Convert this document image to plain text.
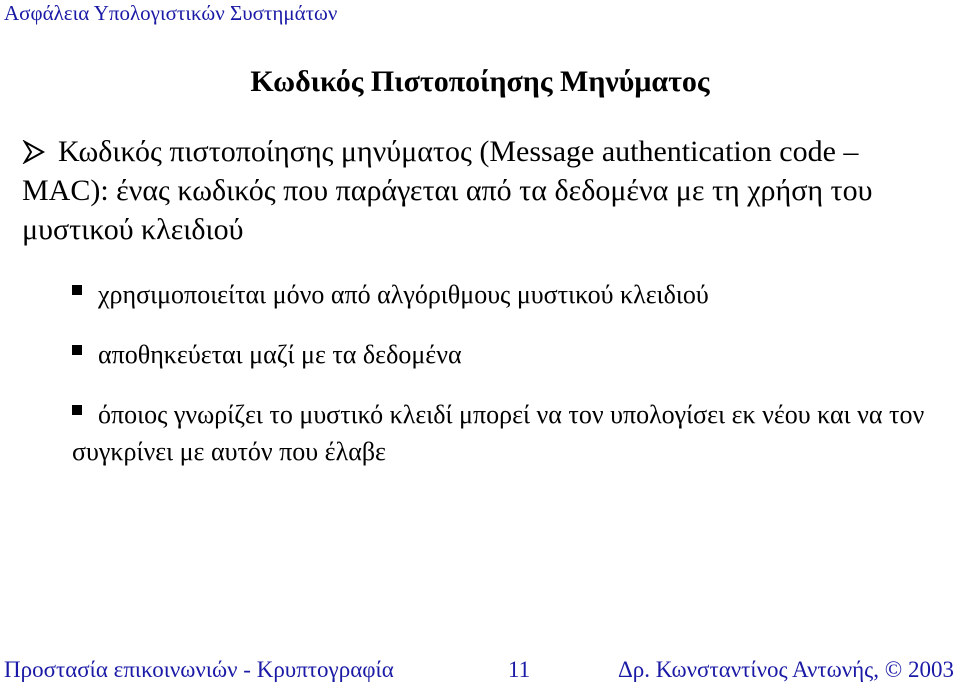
Ασφάλεια Υπολογιστικών Συστημάτων
Κωδικός Πιστοποίησης Μηνύματος
Κωδικός πιστοποίησης μηνύματος (Message authentication code – MAC): ένας κωδικός που παράγεται από τα δεδομένα με τη χρήση του μυστικού κλειδιού
χρησιμοποιείται μόνο από αλγόριθμους μυστικού κλειδιού
αποθηκεύεται μαζί με τα δεδομένα
όποιος γνωρίζει το μυστικό κλειδί μπορεί να τον υπολογίσει εκ νέου και να τον συγκρίνει με αυτόν που έλαβε
Προστασία επικοινωνιών - Κρυπτογραφία	11	Δρ. Κωνσταντίνος Αντωνής, © 2003
